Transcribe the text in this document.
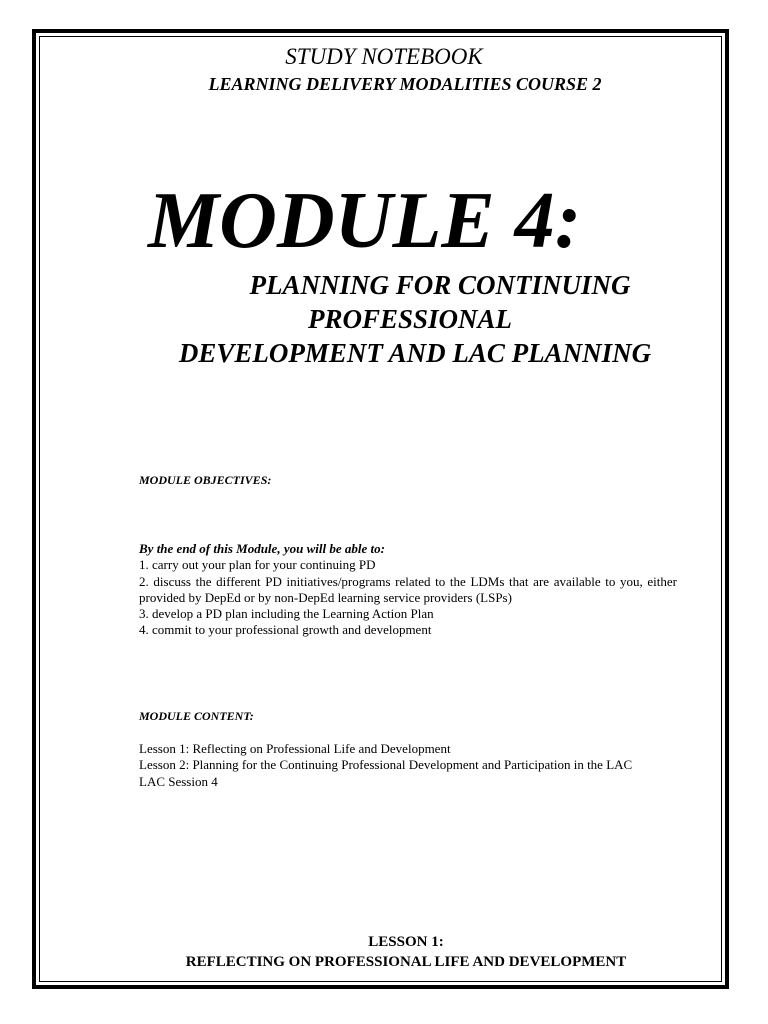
STUDY NOTEBOOK
LEARNING DELIVERY MODALITIES COURSE 2
MODULE 4:
PLANNING FOR CONTINUING
PROFESSIONAL
DEVELOPMENT AND LAC PLANNING
MODULE OBJECTIVES:
By the end of this Module, you will be able to:
1. carry out your plan for your continuing PD
2. discuss the different PD initiatives/programs related to the LDMs that are available to you, either provided by DepEd or by non-DepEd learning service providers (LSPs)
3. develop a PD plan including the Learning Action Plan
4. commit to your professional growth and development
MODULE CONTENT:
Lesson 1: Reflecting on Professional Life and Development
Lesson 2: Planning for the Continuing Professional Development and Participation in the LAC
LAC Session 4
LESSON 1:
REFLECTING ON PROFESSIONAL LIFE AND DEVELOPMENT
